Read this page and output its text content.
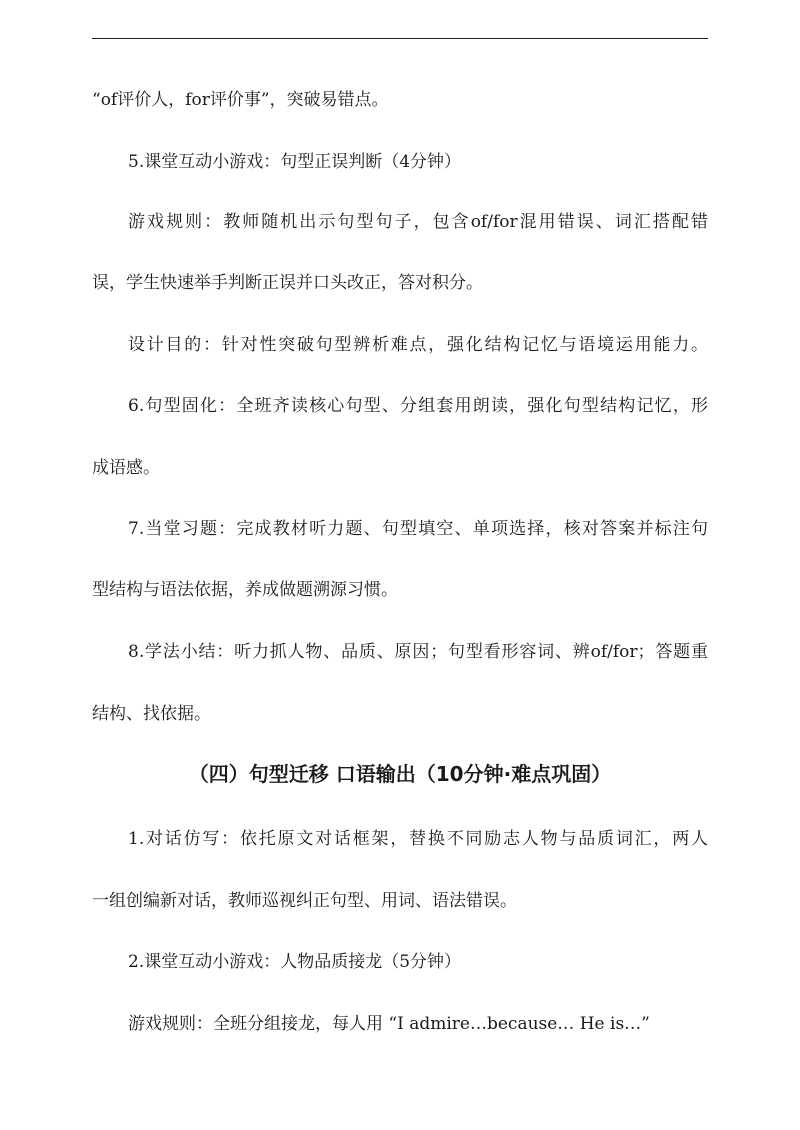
“of评价人，for评价事”，突破易错点。
5.课堂互动小游戏：句型正误判断（4分钟）
游戏规则：教师随机出示句型句子，包含of/for混用错误、词汇搭配错
误，学生快速举手判断正误并口头改正，答对积分。
设计目的：针对性突破句型辨析难点，强化结构记忆与语境运用能力。
6.句型固化：全班齐读核心句型、分组套用朗读，强化句型结构记忆，形
成语感。
7.当堂习题：完成教材听力题、句型填空、单项选择，核对答案并标注句
型结构与语法依据，养成做题溯源习惯。
8.学法小结：听力抓人物、品质、原因；句型看形容词、辨of/for；答题重
结构、找依据。
（四）句型迁移 口语输出（10分钟·难点巩固）
1.对话仿写：依托原文对话框架，替换不同励志人物与品质词汇，两人
一组创编新对话，教师巡视纠正句型、用词、语法错误。
2.课堂互动小游戏：人物品质接龙（5分钟）
游戏规则：全班分组接龙，每人用 “I admire…because… He is…”
